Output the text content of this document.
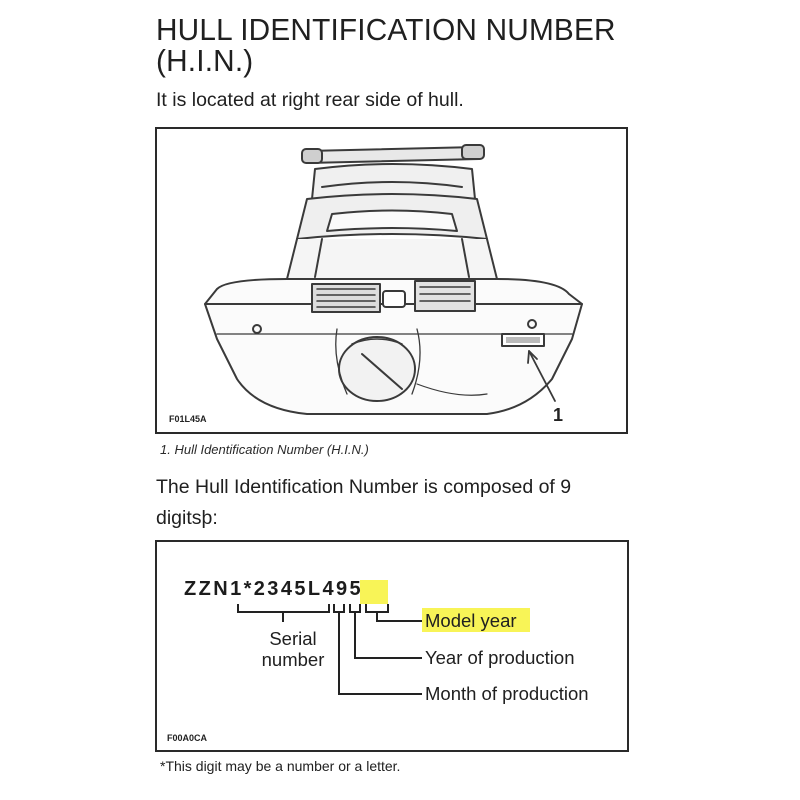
HULL IDENTIFICATION NUMBER
(H.I.N.)

It is located at right rear side of hull.

F01L45A	1
1. Hull Identification Number (H.I.N.)

The Hull Identification Number is composed of 9 digitsþ:

ZZN1*2345L495
Model year
Year of production
Month of production
Serial
number
F00A0CA
*This digit may be a number or a letter.
